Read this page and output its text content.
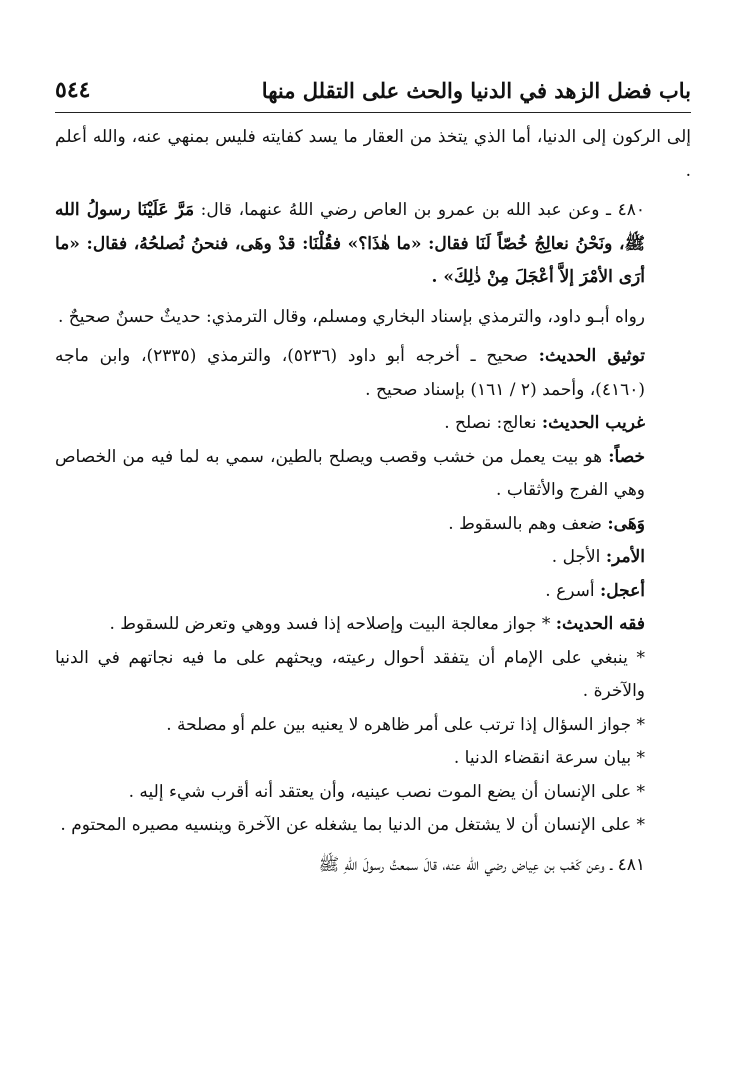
باب فضل الزهد في الدنيا والحث على التقلل منها
٥٤٤

إلى الركون إلى الدنيا، أما الذي يتخذ من العقار ما يسد كفايته فليس بمنهي عنه، والله أعلم .

٤٨٠ ـ وعن عبد الله بن عمرو بن العاص رضي اللهُ عنهما، قال: مَرَّ عَلَيْنَا رسولُ الله ﷺ، ونَحْنُ نعالِجُ خُصّاً لَنَا فقال: «ما هٰذَا؟» فقُلْنَا: قدْ وهَى، فنحنُ نُصلحُهُ، فقال: «ما أرَى الأمْرَ إلاَّ أعْجَلَ مِنْ ذٰلِكَ» .

رواه أبـو داود، والترمذي بإسناد البخاري ومسلم، وقال الترمذي: حديثٌ حسنٌ صحيحٌ .

توثيق الحديث: صحيح ـ أخرجه أبو داود (٥٢٣٦)، والترمذي (٢٣٣٥)، وابن ماجه (٤١٦٠)، وأحمد (٢ / ١٦١) بإسناد صحيح .

غريب الحديث: نعالج: نصلح .

خصاً: هو بيت يعمل من خشب وقصب ويصلح بالطين، سمي به لما فيه من الخصاص وهي الفرج والأثقاب .

وَهَى: ضعف وهم بالسقوط .

الأمر: الأجل .

أعجل: أسرع .

فقه الحديث: * جواز معالجة البيت وإصلاحه إذا فسد ووهي وتعرض للسقوط .

* ينبغي على الإمام أن يتفقد أحوال رعيته، ويحثهم على ما فيه نجاتهم في الدنيا والآخرة .

* جواز السؤال إذا ترتب على أمر ظاهره لا يعنيه بين علم أو مصلحة .

* بيان سرعة انقضاء الدنيا .

* على الإنسان أن يضع الموت نصب عينيه، وأن يعتقد أنه أقرب شيء إليه .

* على الإنسان أن لا يشتغل من الدنيا بما يشغله عن الآخرة وينسيه مصيره المحتوم .

٤٨١ ـ وعن كَعْب بن عِياض رضي الله عنه، قالَ سمعتُ رسولَ اللهِ ﷺ
